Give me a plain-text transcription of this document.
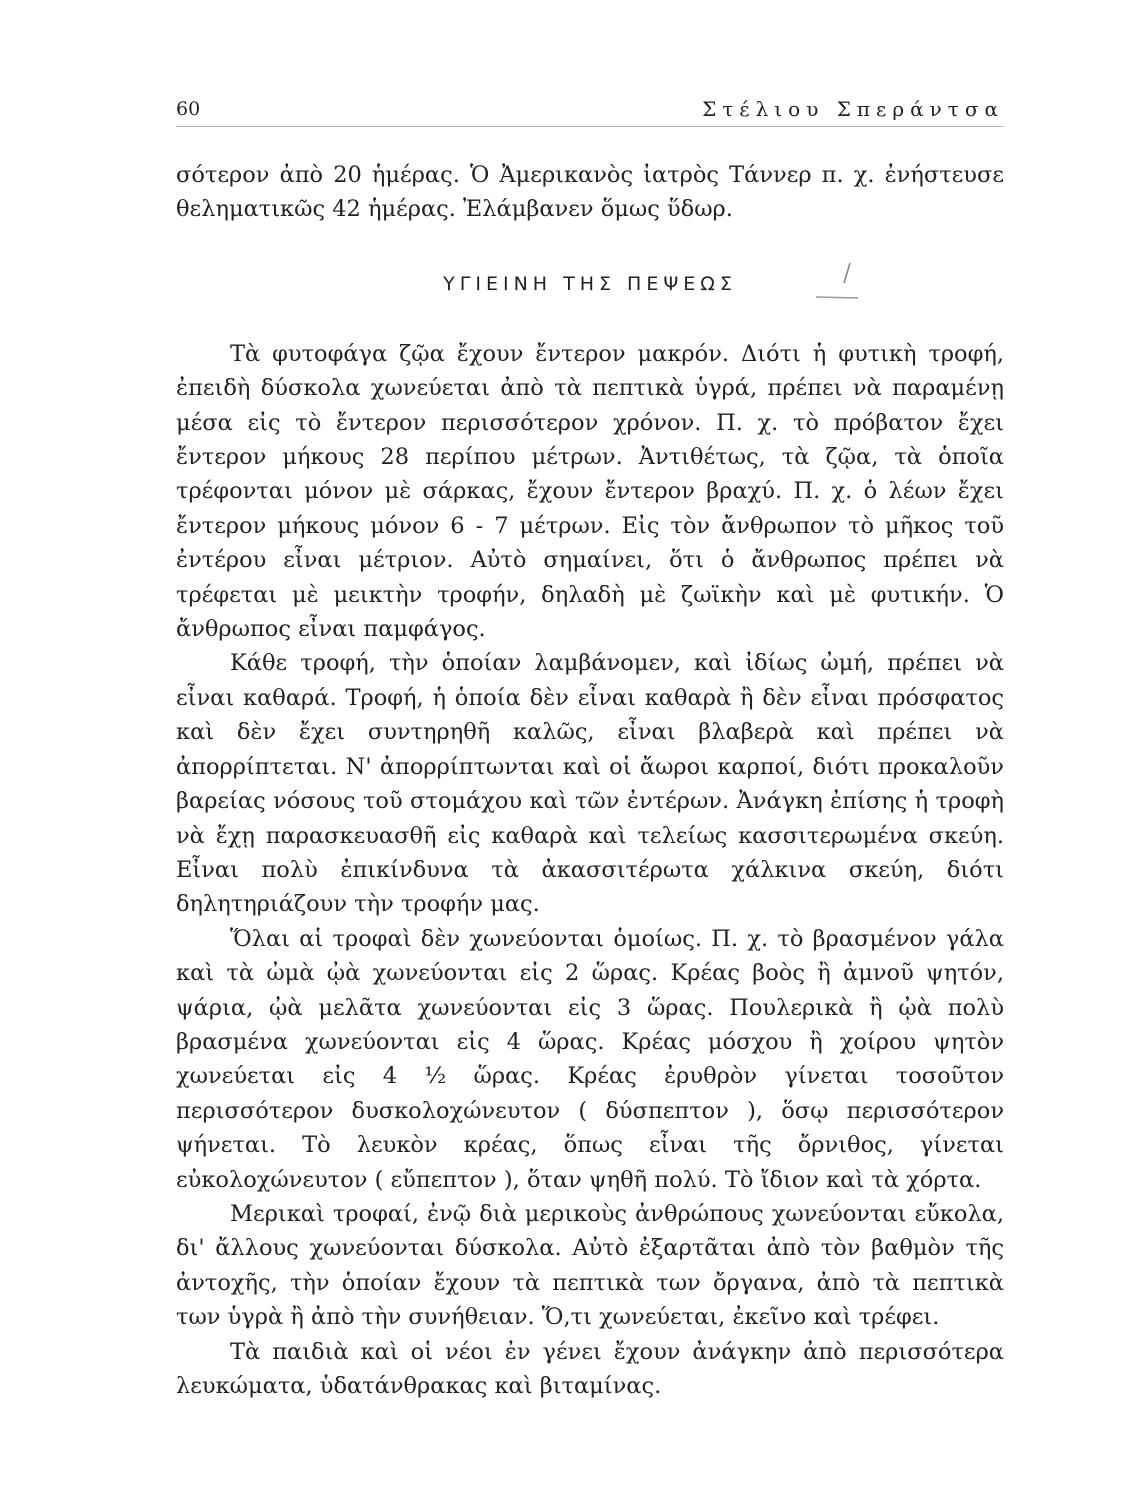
60	Στέλιου Σπεράντσα

σότερον ἀπὸ 20 ἡμέρας. Ὁ Ἀμερικανὸς ἰατρὸς Τάννερ π. χ. ἐνήστευσε θεληματικῶς 42 ἡμέρας. Ἐλάμβανεν ὅμως ὕδωρ.

ΥΓΙΕΙΝΗ ΤΗΣ ΠΕΨΕΩΣ

Τὰ φυτοφάγα ζῷα ἔχουν ἔντερον μακρόν. Διότι ἡ φυτικὴ τροφή, ἐπειδὴ δύσκολα χωνεύεται ἀπὸ τὰ πεπτικὰ ὑγρά, πρέπει νὰ παραμένῃ μέσα εἰς τὸ ἔντερον περισσότερον χρόνον. Π. χ. τὸ πρόβατον ἔχει ἔντερον μήκους 28 περίπου μέτρων. Ἀντιθέτως, τὰ ζῷα, τὰ ὁποῖα τρέφονται μόνον μὲ σάρκας, ἔχουν ἔντερον βραχύ. Π. χ. ὁ λέων ἔχει ἔντερον μήκους μόνον 6 - 7 μέτρων. Εἰς τὸν ἄνθρωπον τὸ μῆκος τοῦ ἐντέρου εἶναι μέτριον. Αὐτὸ σημαίνει, ὅτι ὁ ἄνθρωπος πρέπει νὰ τρέφεται μὲ μεικτὴν τροφήν, δηλαδὴ μὲ ζωϊκὴν καὶ μὲ φυτικήν. Ὁ ἄνθρωπος εἶναι παμφάγος.

Κάθε τροφή, τὴν ὁποίαν λαμβάνομεν, καὶ ἰδίως ὠμή, πρέπει νὰ εἶναι καθαρά. Τροφή, ἡ ὁποία δὲν εἶναι καθαρὰ ἢ δὲν εἶναι πρόσφατος καὶ δὲν ἔχει συντηρηθῆ καλῶς, εἶναι βλαβερὰ καὶ πρέπει νὰ ἀπορρίπτεται. Ν' ἀπορρίπτωνται καὶ οἱ ἄωροι καρποί, διότι προκαλοῦν βαρείας νόσους τοῦ στομάχου καὶ τῶν ἐντέρων. Ἀνάγκη ἐπίσης ἡ τροφὴ νὰ ἔχῃ παρασκευασθῆ εἰς καθαρὰ καὶ τελείως κασσιτερωμένα σκεύη. Εἶναι πολὺ ἐπικίνδυνα τὰ ἀκασσιτέρωτα χάλκινα σκεύη, διότι δηλητηριάζουν τὴν τροφήν μας.

Ὅλαι αἱ τροφαὶ δὲν χωνεύονται ὁμοίως. Π. χ. τὸ βρασμένον γάλα καὶ τὰ ὠμὰ ᾠὰ χωνεύονται εἰς 2 ὥρας. Κρέας βοὸς ἢ ἀμνοῦ ψητόν, ψάρια, ᾠὰ μελᾶτα χωνεύονται εἰς 3 ὥρας. Πουλερικὰ ἢ ᾠὰ πολὺ βρασμένα χωνεύονται εἰς 4 ὥρας. Κρέας μόσχου ἢ χοίρου ψητὸν χωνεύεται εἰς 4 ½ ὥρας. Κρέας ἐρυθρὸν γίνεται τοσοῦτον περισσότερον δυσκολοχώνευτον ( δύσπεπτον ), ὅσῳ περισσότερον ψήνεται. Τὸ λευκὸν κρέας, ὅπως εἶναι τῆς ὄρνιθος, γίνεται εὐκολοχώνευτον ( εὔπεπτον ), ὅταν ψηθῆ πολύ. Τὸ ἴδιον καὶ τὰ χόρτα.

Μερικαὶ τροφαί, ἐνῷ διὰ μερικοὺς ἀνθρώπους χωνεύονται εὔκολα, δι' ἄλλους χωνεύονται δύσκολα. Αὐτὸ ἐξαρτᾶται ἀπὸ τὸν βαθμὸν τῆς ἀντοχῆς, τὴν ὁποίαν ἔχουν τὰ πεπτικὰ των ὄργανα, ἀπὸ τὰ πεπτικὰ των ὑγρὰ ἢ ἀπὸ τὴν συνήθειαν. Ὅ,τι χωνεύεται, ἐκεῖνο καὶ τρέφει.

Τὰ παιδιὰ καὶ οἱ νέοι ἐν γένει ἔχουν ἀνάγκην ἀπὸ περισσότερα λευκώματα, ὑδατάνθρακας καὶ βιταμίνας.
